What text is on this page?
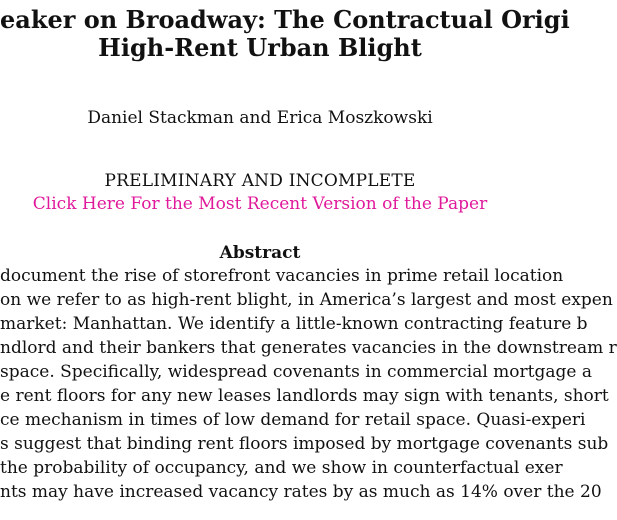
eaker on Broadway: The Contractual Origi
High-Rent Urban Blight
Daniel Stackman and Erica Moszkowski
PRELIMINARY AND INCOMPLETE
Click Here For the Most Recent Version of the Paper
Abstract
document the rise of storefront vacancies in prime retail location
on we refer to as high-rent blight, in America’s largest and most expen
market: Manhattan. We identify a little-known contracting feature b
ndlord and their bankers that generates vacancies in the downstream r
space. Specifically, widespread covenants in commercial mortgage a
e rent floors for any new leases landlords may sign with tenants, short
ce mechanism in times of low demand for retail space. Quasi-experi
s suggest that binding rent floors imposed by mortgage covenants sub
the probability of occupancy, and we show in counterfactual exer
nts may have increased vacancy rates by as much as 14% over the 20
